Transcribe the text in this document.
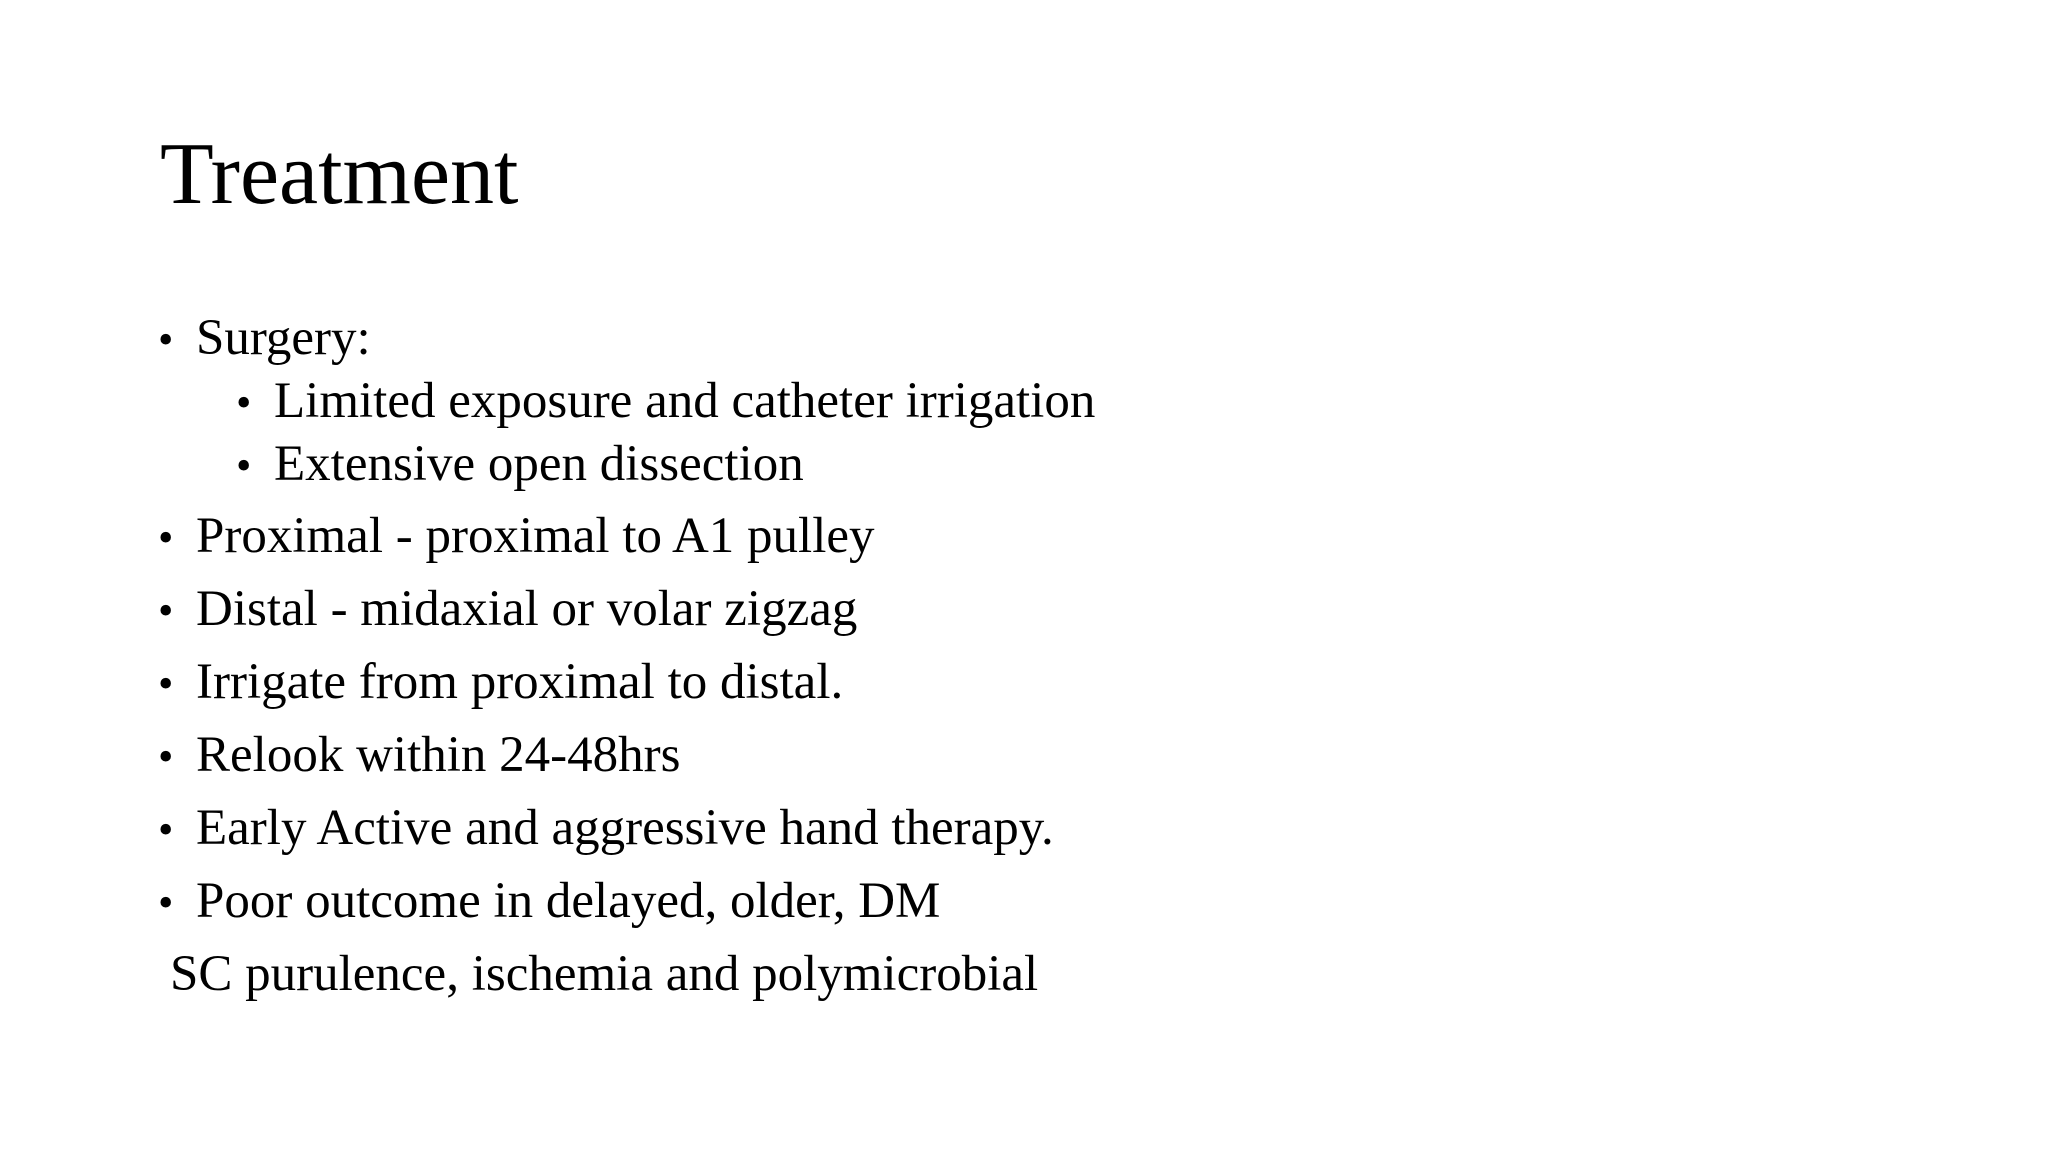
Treatment
• Surgery:
• Limited exposure and catheter irrigation
• Extensive open dissection
• Proximal - proximal to A1 pulley
• Distal - midaxial or volar zigzag
• Irrigate from proximal to distal.
• Relook within 24-48hrs
• Early Active and aggressive hand therapy.
• Poor outcome in delayed, older, DM
SC purulence, ischemia and polymicrobial
